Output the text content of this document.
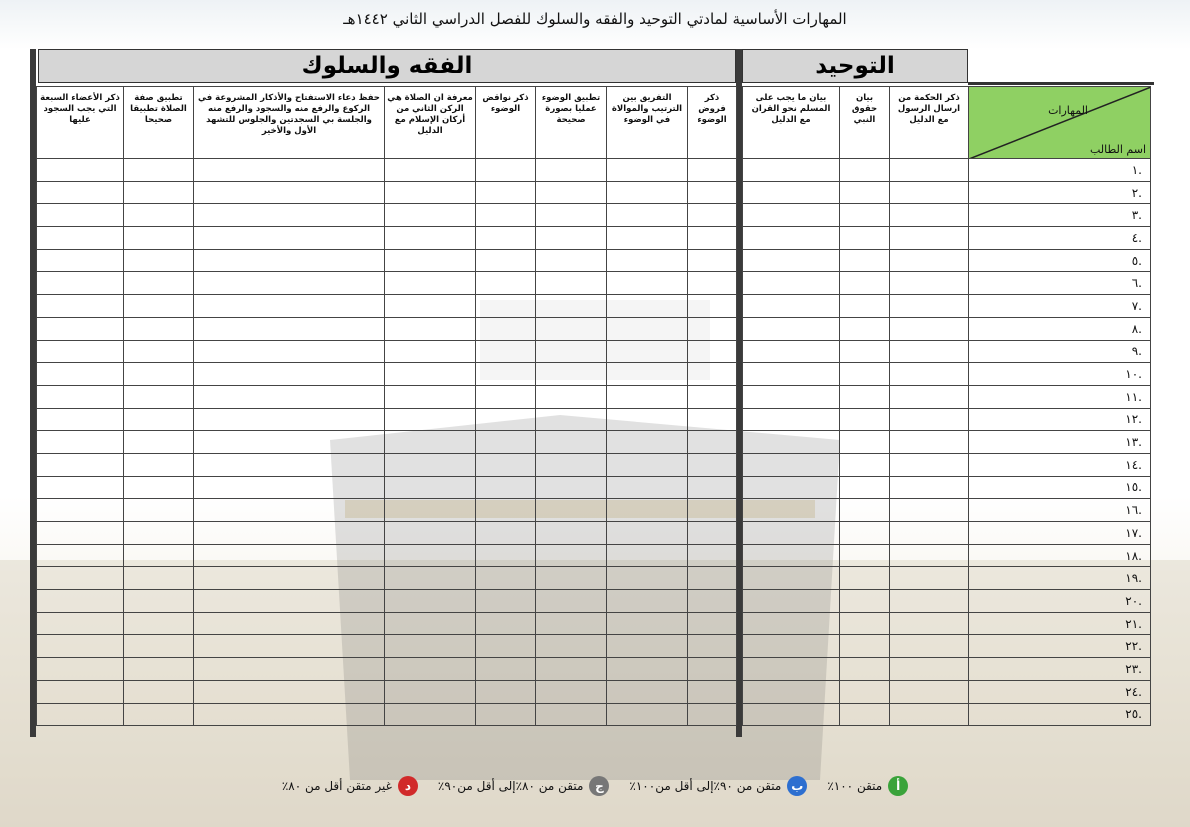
المهارات الأساسية لمادتي التوحيد والفقه والسلوك للفصل الدراسي الثاني ١٤٤٢هـ
الفقه والسلوك	التوحيد
ذكر الأعضاء السبعة التي يجب السجود عليها	تطبيق صفة الصلاة تطبيقا صحيحا	حفظ دعاء الاستفتاح والأذكار المشروعة في الركوع والرفع منه والسجود والرفع منه والجلسة بي السجدتين والجلوس للتشهد الأول والأخير	معرفة ان الصلاة هي الركن الثاني من أركان الإسلام مع الدليل	ذكر نواقض الوضوء	تطبيق الوضوء عمليا بصورة صحيحة	التفريق بين الترتيب والموالاة في الوضوء	ذكر فروض الوضوء		بيان ما يجب على المسلم نحو القران مع الدليل	بيان حقوق النبي	ذكر الحكمة من ارسال الرسول مع الدليل	المهارات
اسم الطالب

												.١
												.٢
												.٣
												.٤
												.٥
												.٦
												.٧
												.٨
												.٩
												.١٠
												.١١
												.١٢
												.١٣
												.١٤
												.١٥
												.١٦
												.١٧
												.١٨
												.١٩
												.٢٠
												.٢١
												.٢٢
												.٢٣
												.٢٤
												.٢٥
أ
متقن ١٠٠٪
ب
متقن من ٩٠٪إلى أقل من١٠٠٪
ج
متقن من ٨٠٪إلى أقل من٩٠٪
د
غير متقن أقل من ٨٠٪
